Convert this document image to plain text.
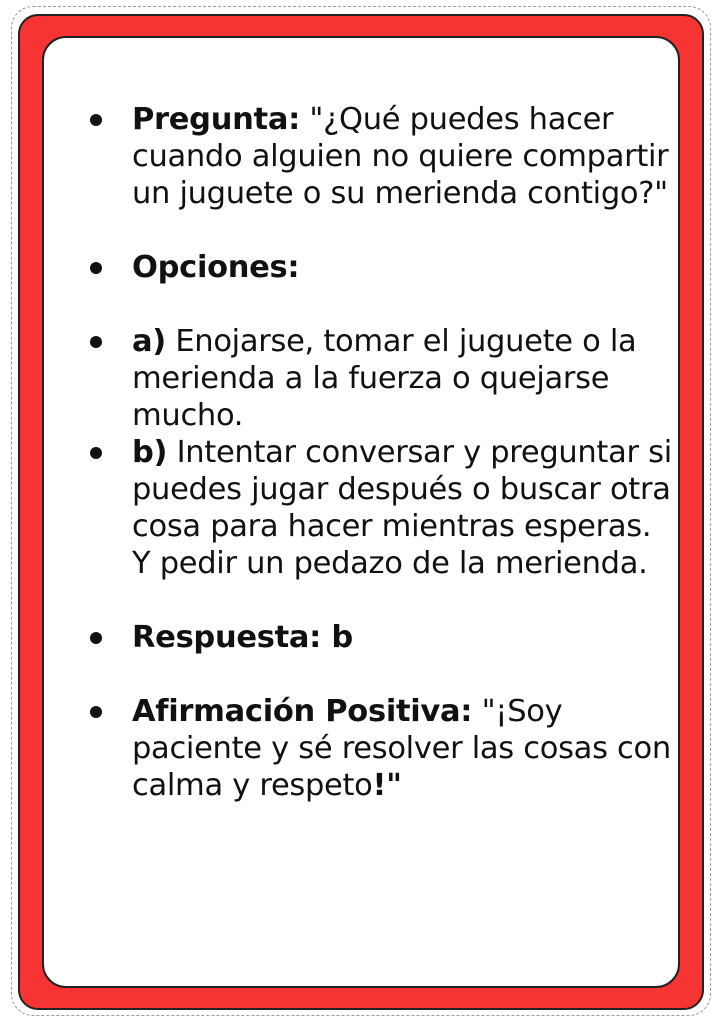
Pregunta: "¿Qué puedes hacer cuando alguien no quiere compartir un juguete o su merienda contigo?"

Opciones:

a) Enojarse, tomar el juguete o la merienda a la fuerza o quejarse mucho.

b) Intentar conversar y preguntar si puedes jugar después o buscar otra cosa para hacer mientras esperas. Y pedir un pedazo de la merienda.

Respuesta: b

Afirmación Positiva: "¡Soy paciente y sé resolver las cosas con calma y respeto!"
